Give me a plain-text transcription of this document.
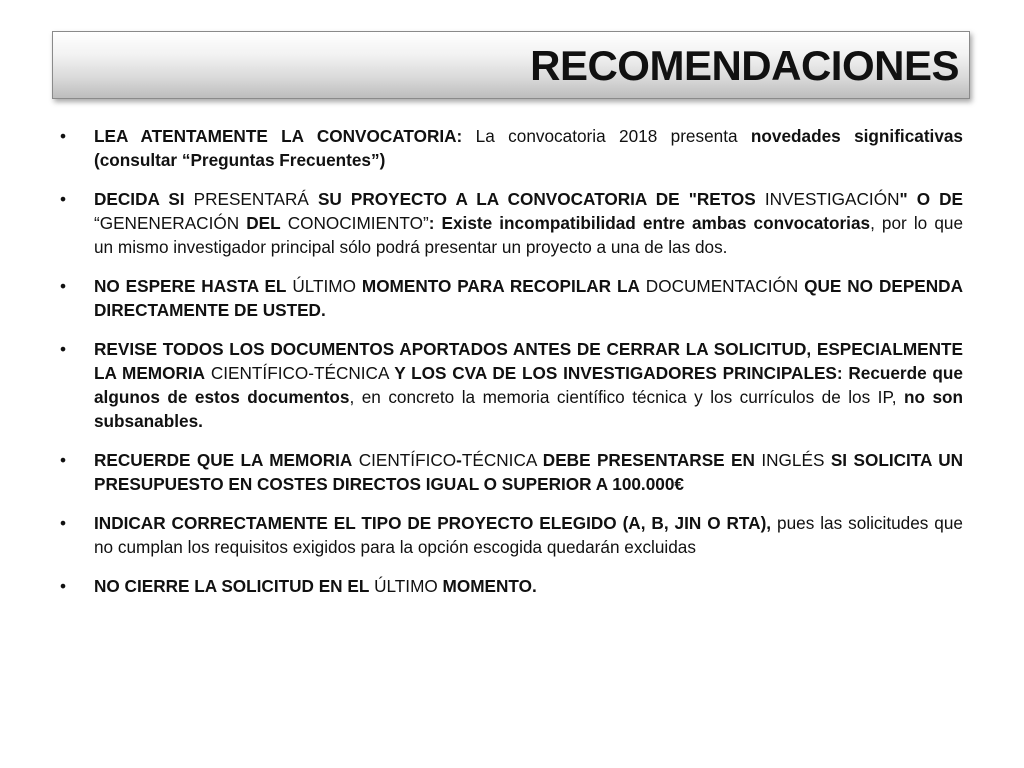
RECOMENDACIONES
•	LEA ATENTAMENTE LA CONVOCATORIA: La convocatoria 2018 presenta novedades significativas (consultar “Preguntas Frecuentes”)
•	DECIDA SI PRESENTARÁ SU PROYECTO A LA CONVOCATORIA DE "RETOS INVESTIGACIÓN" O DE “GENENERACIÓN DEL CONOCIMIENTO”: Existe incompatibilidad entre ambas convocatorias, por lo que un mismo investigador principal sólo podrá presentar un proyecto a una de las dos.
•	NO ESPERE HASTA EL ÚLTIMO MOMENTO PARA RECOPILAR LA DOCUMENTACIÓN QUE NO DEPENDA DIRECTAMENTE DE USTED.
•	REVISE TODOS LOS DOCUMENTOS APORTADOS ANTES DE CERRAR LA SOLICITUD, ESPECIALMENTE LA MEMORIA CIENTÍFICO-TÉCNICA Y LOS CVA DE LOS INVESTIGADORES PRINCIPALES: Recuerde que algunos de estos documentos, en concreto la memoria científico técnica y los currículos de los IP, no son subsanables.
•	RECUERDE QUE LA MEMORIA CIENTÍFICO-TÉCNICA DEBE PRESENTARSE EN INGLÉS SI SOLICITA UN PRESUPUESTO EN COSTES DIRECTOS IGUAL O SUPERIOR A 100.000€
•	INDICAR CORRECTAMENTE EL TIPO DE PROYECTO ELEGIDO (A, B, JIN O RTA), pues las solicitudes que no cumplan los requisitos exigidos para la opción escogida quedarán excluidas
•	NO CIERRE LA SOLICITUD EN EL ÚLTIMO MOMENTO.
